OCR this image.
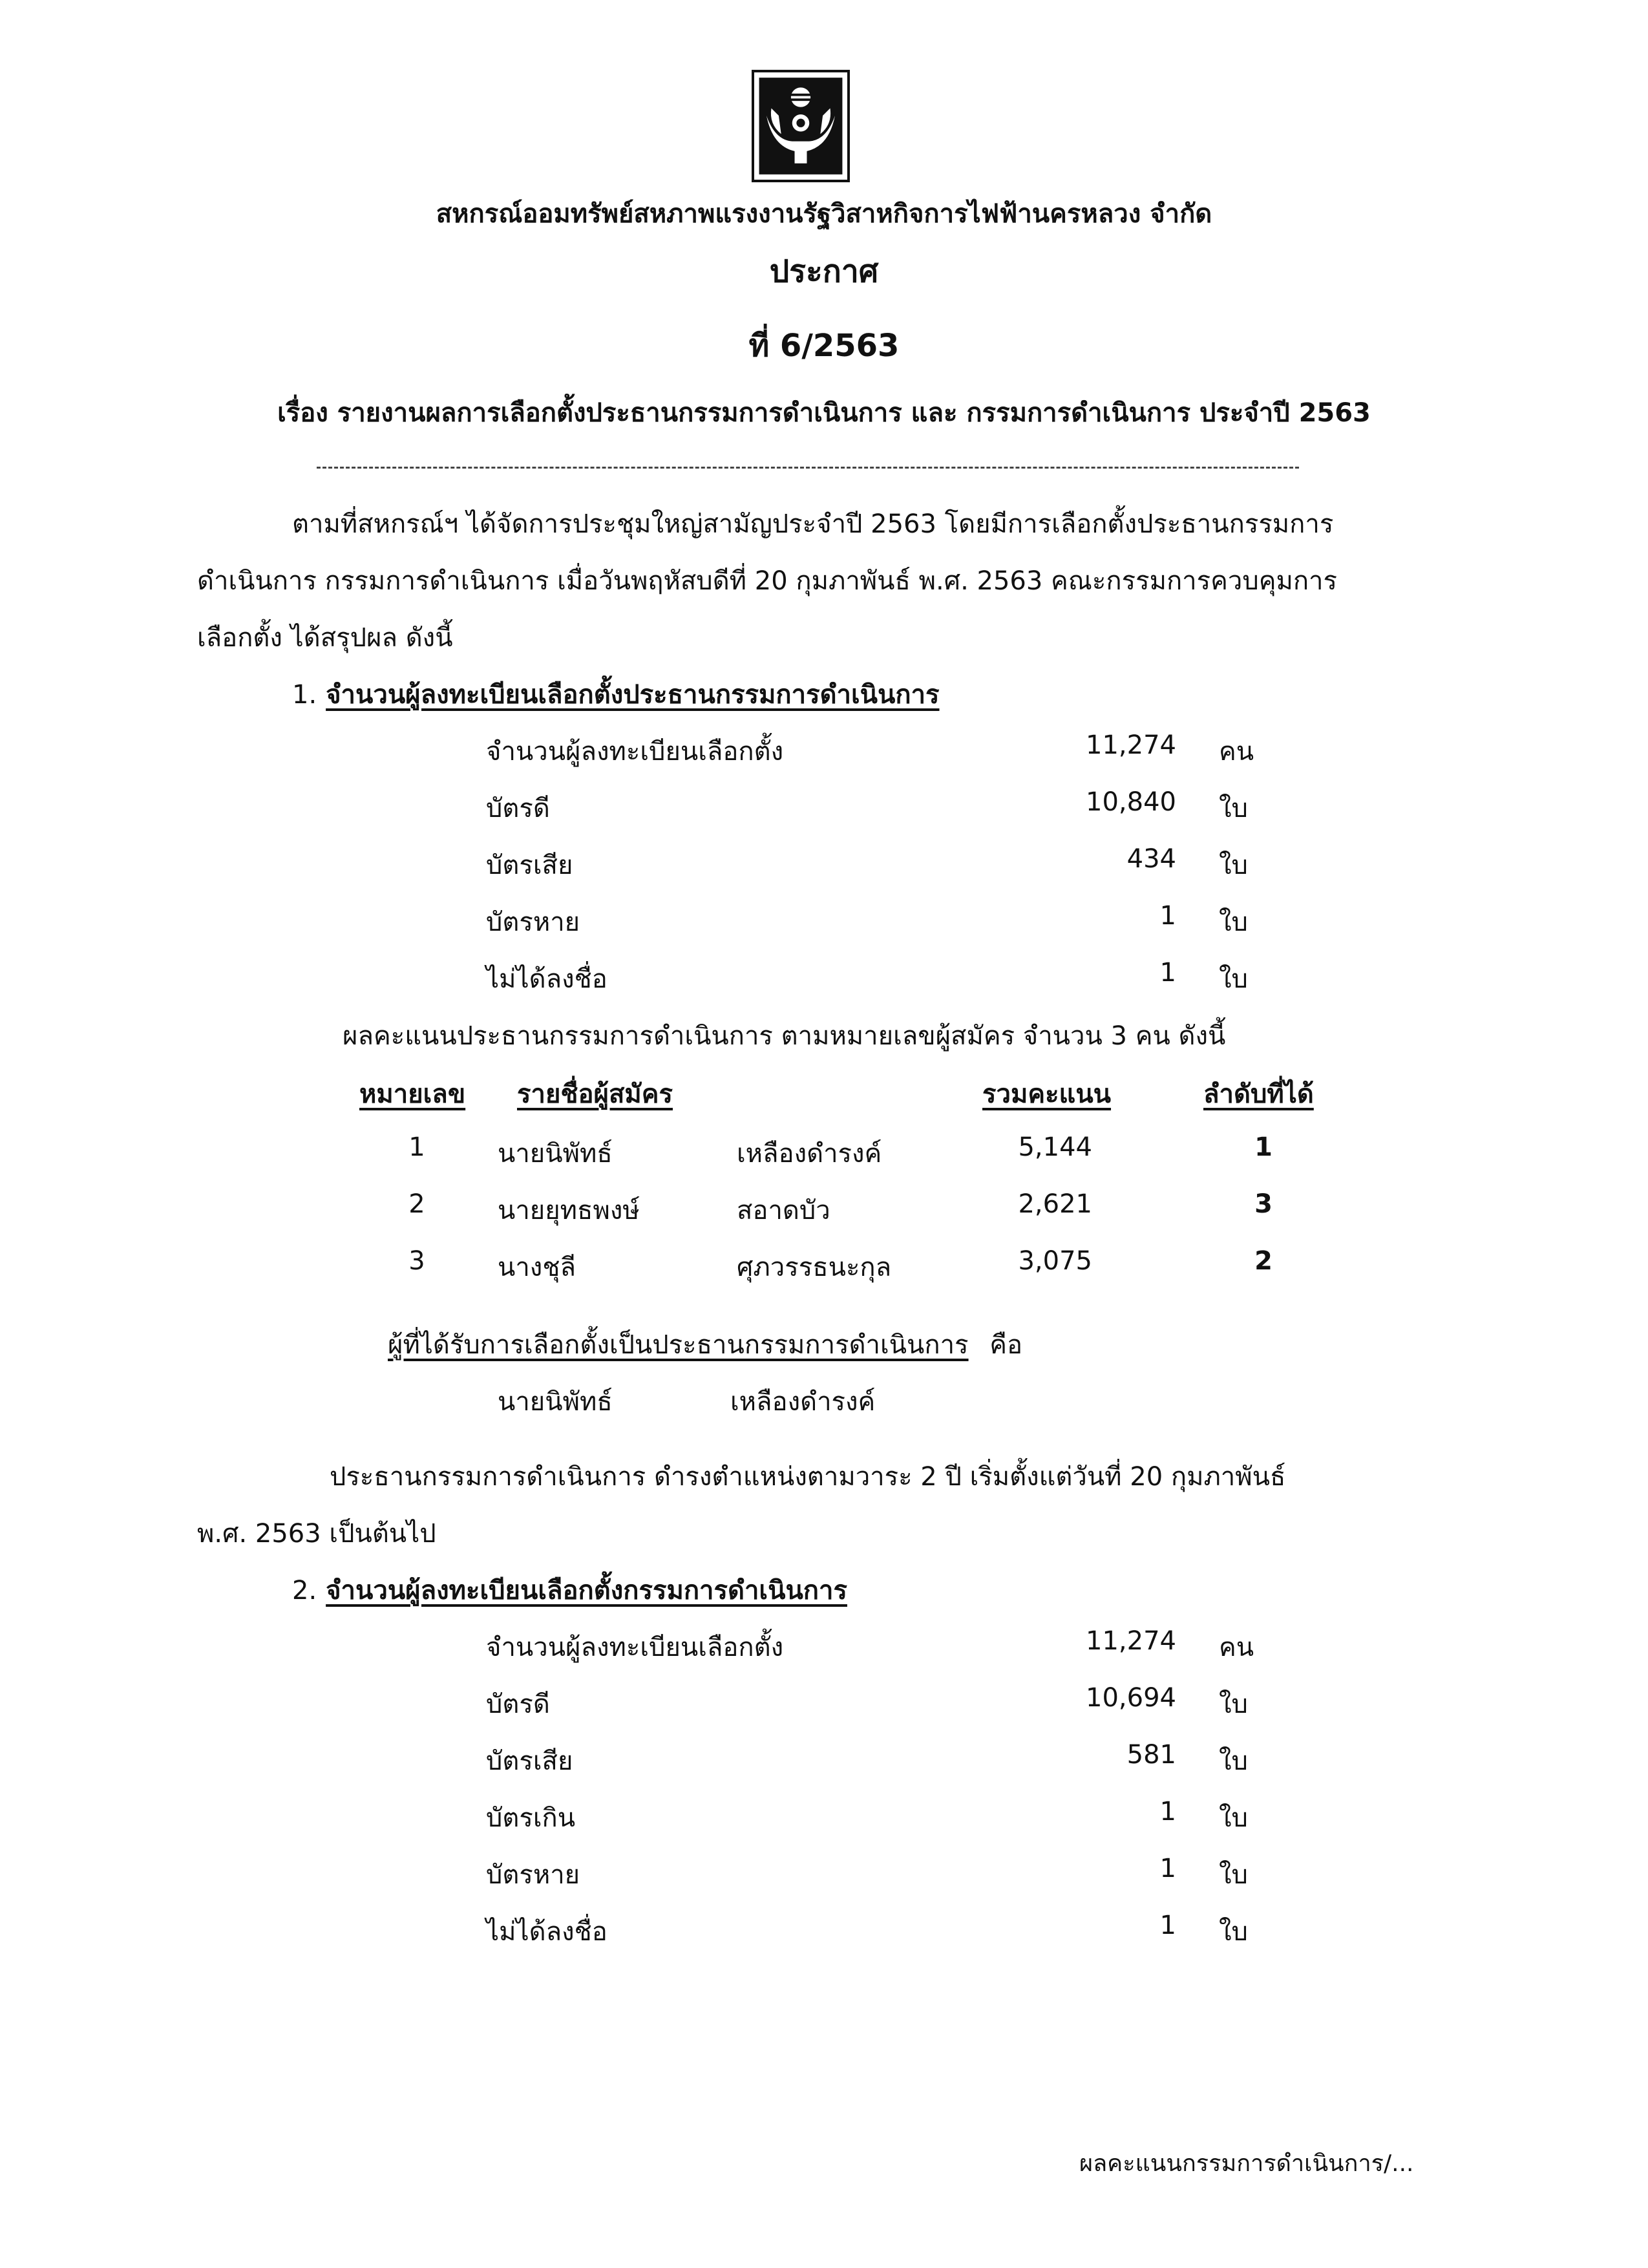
สหกรณ์ออมทรัพย์สหภาพแรงงานรัฐวิสาหกิจการไฟฟ้านครหลวง จำกัด
ประกาศ
ที่ 6/2563
เรื่อง รายงานผลการเลือกตั้งประธานกรรมการดำเนินการ และ กรรมการดำเนินการ ประจำปี 2563
ตามที่สหกรณ์ฯ ได้จัดการประชุมใหญ่สามัญประจำปี 2563 โดยมีการเลือกตั้งประธานกรรมการ
ดำเนินการ กรรมการดำเนินการ เมื่อวันพฤหัสบดีที่ 20 กุมภาพันธ์ พ.ศ. 2563 คณะกรรมการควบคุมการ
เลือกตั้ง ได้สรุปผล ดังนี้
1. จำนวนผู้ลงทะเบียนเลือกตั้งประธานกรรมการดำเนินการ
จำนวนผู้ลงทะเบียนเลือกตั้ง	11,274 คน
บัตรดี	10,840 ใบ
บัตรเสีย	434 ใบ
บัตรหาย	1 ใบ
ไม่ได้ลงชื่อ	1 ใบ
ผลคะแนนประธานกรรมการดำเนินการ ตามหมายเลขผู้สมัคร จำนวน 3 คน ดังนี้
หมายเลข รายชื่อผู้สมัคร	รวมคะแนน	ลำดับที่ได้
1	นายนิพัทธ์	เหลืองดำรงค์	5,144	1
2	นายยุทธพงษ์	สอาดบัว	2,621	3
3	นางชุลี	ศุภวรรธนะกุล	3,075	2
ผู้ที่ได้รับการเลือกตั้งเป็นประธานกรรมการดำเนินการ คือ
นายนิพัทธ์	เหลืองดำรงค์
ประธานกรรมการดำเนินการ ดำรงตำแหน่งตามวาระ 2 ปี เริ่มตั้งแต่วันที่ 20 กุมภาพันธ์
พ.ศ. 2563 เป็นต้นไป
2. จำนวนผู้ลงทะเบียนเลือกตั้งกรรมการดำเนินการ
จำนวนผู้ลงทะเบียนเลือกตั้ง	11,274 คน
บัตรดี	10,694 ใบ
บัตรเสีย	581 ใบ
บัตรเกิน	1 ใบ
บัตรหาย	1 ใบ
ไม่ได้ลงชื่อ	1 ใบ
ผลคะแนนกรรมการดำเนินการ/...
